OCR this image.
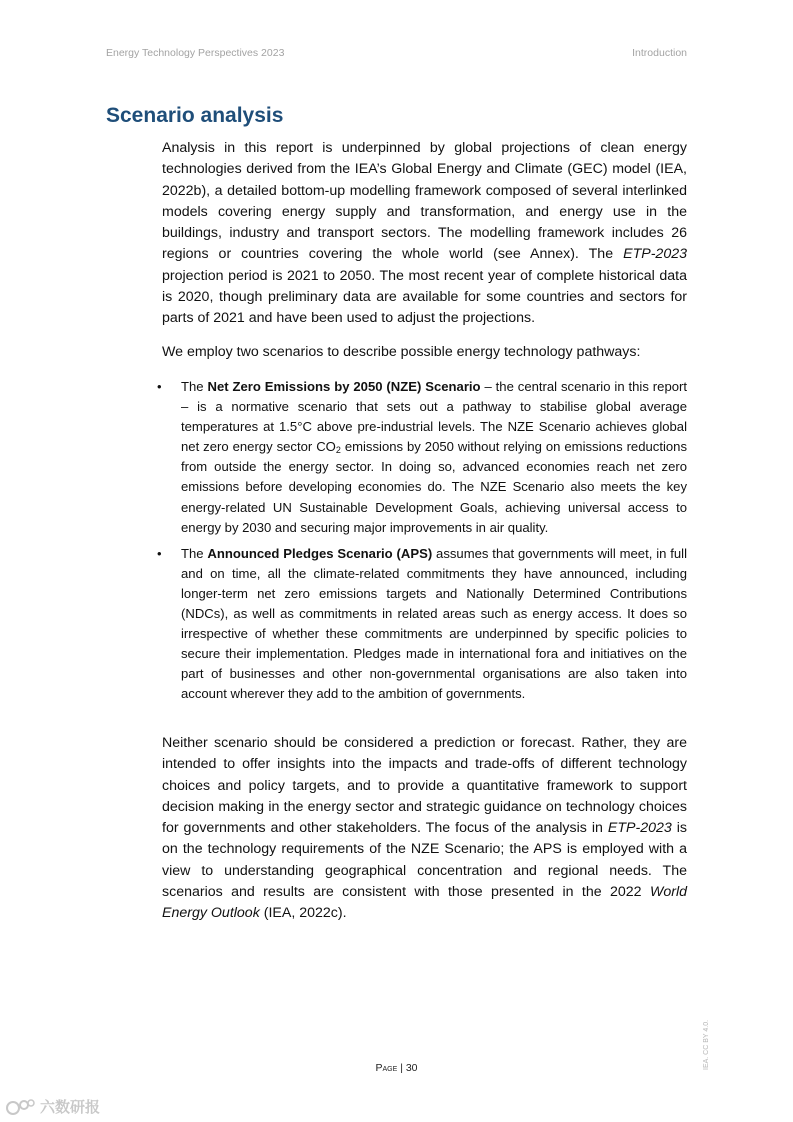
Energy Technology Perspectives 2023	Introduction
Scenario analysis

Analysis in this report is underpinned by global projections of clean energy technologies derived from the IEA’s Global Energy and Climate (GEC) model (IEA, 2022b), a detailed bottom-up modelling framework composed of several interlinked models covering energy supply and transformation, and energy use in the buildings, industry and transport sectors. The modelling framework includes 26 regions or countries covering the whole world (see Annex). The ETP-2023 projection period is 2021 to 2050. The most recent year of complete historical data is 2020, though preliminary data are available for some countries and sectors for parts of 2021 and have been used to adjust the projections.

We employ two scenarios to describe possible energy technology pathways:

• The Net Zero Emissions by 2050 (NZE) Scenario – the central scenario in this report – is a normative scenario that sets out a pathway to stabilise global average temperatures at 1.5°C above pre-industrial levels. The NZE Scenario achieves global net zero energy sector $CO_2$ emissions by 2050 without relying on emissions reductions from outside the energy sector. In doing so, advanced economies reach net zero emissions before developing economies do. The NZE Scenario also meets the key energy-related UN Sustainable Development Goals, achieving universal access to energy by 2030 and securing major improvements in air quality.
• The Announced Pledges Scenario (APS) assumes that governments will meet, in full and on time, all the climate-related commitments they have announced, including longer-term net zero emissions targets and Nationally Determined Contributions (NDCs), as well as commitments in related areas such as energy access. It does so irrespective of whether these commitments are underpinned by specific policies to secure their implementation. Pledges made in international fora and initiatives on the part of businesses and other non-governmental organisations are also taken into account wherever they add to the ambition of governments.

Neither scenario should be considered a prediction or forecast. Rather, they are intended to offer insights into the impacts and trade-offs of different technology choices and policy targets, and to provide a quantitative framework to support decision making in the energy sector and strategic guidance on technology choices for governments and other stakeholders. The focus of the analysis in ETP-2023 is on the technology requirements of the NZE Scenario; the APS is employed with a view to understanding geographical concentration and regional needs. The scenarios and results are consistent with those presented in the 2022 World Energy Outlook (IEA, 2022c).

Page | 30	IEA. CC BY 4.0.
六数研报
